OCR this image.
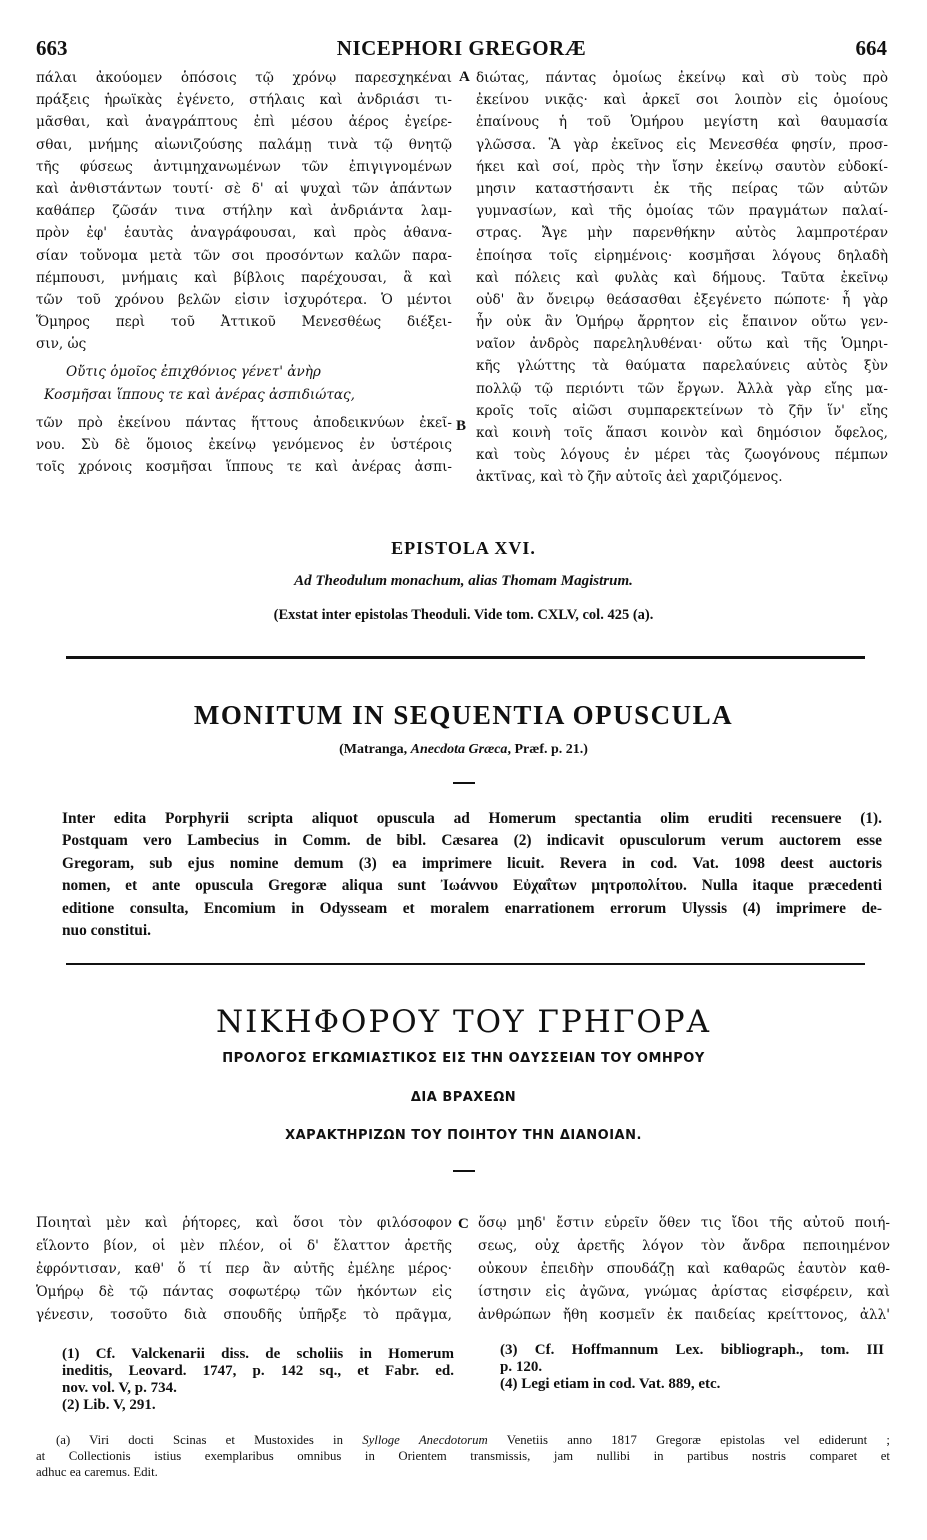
663	NICEPHORI GREGORÆ	664
πάλαι ἀκούομεν ὁπόσοις τῷ χρόνῳ παρεσχηκέναι
πράξεις ἡρωϊκὰς ἐγένετο, στήλαις καὶ ἀνδριάσι τι-
μᾶσθαι, καὶ ἀναγράπτους ἐπὶ μέσου ἀέρος ἐγείρε-
σθαι, μνήμης αἰωνιζούσης παλάμῃ τινὰ τῷ θνητῷ
τῆς φύσεως ἀντιμηχανωμένων τῶν ἐπιγιγνομένων
καὶ ἀνθιστάντων τουτί· σὲ δ' αἱ ψυχαὶ τῶν ἁπάντων
καθάπερ ζῶσάν τινα στήλην καὶ ἀνδριάντα λαμ-
πρὸν ἐφ' ἑαυτὰς ἀναγράφουσαι, καὶ πρὸς ἀθανα-
σίαν τοὔνομα μετὰ τῶν σοι προσόντων καλῶν παρα-
πέμπουσι, μνήμαις καὶ βίβλοις παρέχουσαι, ἃ καὶ
τῶν τοῦ χρόνου βελῶν εἰσιν ἰσχυρότερα. Ὁ μέντοι
Ὅμηρος περὶ τοῦ Ἀττικοῦ Μενεσθέως διέξει-
σιν, ὡς
Οὔτις ὁμοῖος ἐπιχθόνιος γένετ' ἀνὴρ
Κοσμῆσαι ἵππους τε καὶ ἀνέρας ἀσπιδιώτας,
τῶν πρὸ ἐκείνου πάντας ἥττους ἀποδεικνύων ἐκεῖ-
νου. Σὺ δὲ ὅμοιος ἐκείνῳ γενόμενος ἐν ὑστέροις
τοῖς χρόνοις κοσμῆσαι ἵππους τε καὶ ἀνέρας ἀσπι-
A
B
διώτας, πάντας ὁμοίως ἐκείνῳ καὶ σὺ τοὺς πρὸ
ἐκείνου νικᾷς· καὶ ἀρκεῖ σοι λοιπὸν εἰς ὁμοίους
ἐπαίνους ἡ τοῦ Ὁμήρου μεγίστη καὶ θαυμασία
γλῶσσα. Ἃ γὰρ ἐκεῖνος εἰς Μενεσθέα φησίν, προσ-
ήκει καὶ σοί, πρὸς τὴν ἴσην ἐκείνῳ σαυτὸν εὐδοκί-
μησιν καταστήσαντι ἐκ τῆς πείρας τῶν αὐτῶν
γυμνασίων, καὶ τῆς ὁμοίας τῶν πραγμάτων παλαί-
στρας. Ἄγε μὴν παρενθήκην αὐτὸς λαμπροτέραν
ἐποίησα τοῖς εἰρημένοις· κοσμῆσαι λόγους δηλαδὴ
καὶ πόλεις καὶ φυλὰς καὶ δήμους. Ταῦτα ἐκεῖνῳ
οὐδ' ἂν ὄνειρῳ θεάσασθαι ἐξεγένετο πώποτε· ἦ γὰρ
ἦν οὐκ ἂν Ὁμήρῳ ἄρρητον εἰς ἔπαινον οὕτω γεν-
ναῖον ἀνδρὸς παρεληλυθέναι· οὕτω καὶ τῆς Ὁμηρι-
κῆς γλώττης τὰ θαύματα παρελαύνεις αὐτὸς ξὺν
πολλῷ τῷ περιόντι τῶν ἔργων. Ἀλλὰ γὰρ εἴης μα-
κροῖς τοῖς αἰῶσι συμπαρεκτείνων τὸ ζῆν ἵν' εἴης
καὶ κοινὴ τοῖς ἅπασι κοινὸν καὶ δημόσιον ὄφελος,
καὶ τοὺς λόγους ἐν μέρει τὰς ζωογόνους πέμπων
ἀκτῖνας, καὶ τὸ ζῆν αὐτοῖς ἀεὶ χαριζόμενος.
EPISTOLA XVI.
Ad Theodulum monachum, alias Thomam Magistrum.
(Exstat inter epistolas Theoduli. Vide tom. CXLV, col. 425 (a).
MONITUM IN SEQUENTIA OPUSCULA
(Matranga, Anecdota Græca, Præf. p. 21.)
Inter edita Porphyrii scripta aliquot opuscula ad Homerum spectantia olim eruditi recensuere (1).
Postquam vero Lambecius in Comm. de bibl. Cæsarea (2) indicavit opusculorum verum auctorem esse
Gregoram, sub ejus nomine demum (3) ea imprimere licuit. Revera in cod. Vat. 1098 deest auctoris
nomen, et ante opuscula Gregoræ aliqua sunt Ἰωάννου Εὐχαΐτων μητροπολίτου. Nulla itaque præcedenti
editione consulta, Encomium in Odysseam et moralem enarrationem errorum Ulyssis (4) imprimere de-
nuo constitui.
ΝΙΚΗΦΟΡΟΥ ΤΟΥ ΓΡΗΓΟΡΑ
ΠΡΟΛΟΓΟΣ ΕΓΚΩΜΙΑΣΤΙΚΟΣ ΕΙΣ ΤΗΝ ΟΔΥΣΣΕΙΑΝ ΤΟΥ ΟΜΗΡΟΥ
ΔΙΑ ΒΡΑΧΕΩΝ
ΧΑΡΑΚΤΗΡΙΖΩΝ ΤΟΥ ΠΟΙΗΤΟΥ ΤΗΝ ΔΙΑΝΟΙΑΝ.
Ποιηταὶ μὲν καὶ ῥήτορες, καὶ ὅσοι τὸν φιλόσοφον
εἵλοντο βίον, οἱ μὲν πλέον, οἱ δ' ἔλαττον ἀρετῆς
ἐφρόντισαν, καθ' ὅ τί περ ἂν αὐτῆς ἐμέληε μέρος·
Ὁμήρῳ δὲ τῷ πάντας σοφωτέρῳ τῶν ἡκόντων εἰς
γένεσιν, τοσοῦτο διὰ σπουδῆς ὑπῆρξε τὸ πρᾶγμα,
C ὅσῳ μηδ' ἔστιν εὑρεῖν ὅθεν τις ἴδοι τῆς αὐτοῦ ποιή-
σεως, οὐχ ἀρετῆς λόγον τὸν ἄνδρα πεποιημένον
οὐκουν ἐπειδὴν σπουδάζῃ καὶ καθαρῶς ἑαυτὸν καθ-
ίστησιν εἰς ἀγῶνα, γνώμας ἀρίστας εἰσφέρειν, καὶ
ἀνθρώπων ἤθη κοσμεῖν ἐκ παιδείας κρείττονος, ἀλλ'
(1) Cf. Valckenarii diss. de scholiis in Homerum
ineditis, Leovard. 1747, p. 142 sq., et Fabr. ed.
nov. vol. V, p. 734.
(2) Lib. V, 291.
(3) Cf. Hoffmannum Lex. bibliograph., tom. III
p. 120.
(4) Legi etiam in cod. Vat. 889, etc.
(a) Viri docti Scinas et Mustoxides in Sylloge Anecdotorum Venetiis anno 1817 Gregoræ epistolas vel ediderunt ;
at Collectionis istius exemplaribus omnibus in Orientem transmissis, jam nullibi in partibus nostris comparet et
adhuc ea caremus. Edit.
